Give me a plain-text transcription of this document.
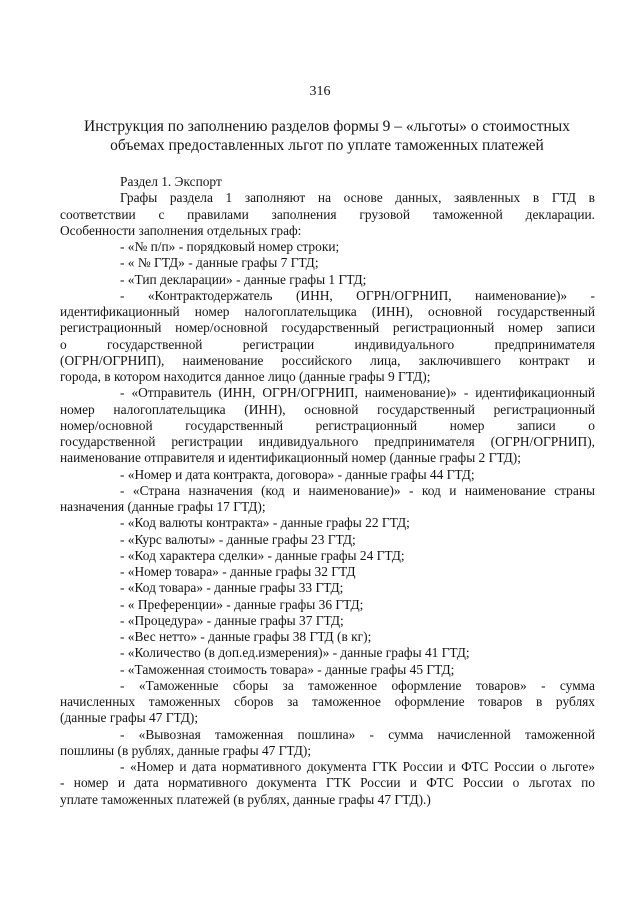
316
Инструкция по заполнению разделов формы 9 – «льготы» о стоимостных
объемах предоставленных льгот по уплате таможенных платежей
Раздел 1. Экспорт
Графы раздела 1 заполняют на основе данных, заявленных в ГТД в
соответствии с правилами заполнения грузовой таможенной декларации.
Особенности заполнения отдельных граф:
- «№ п/п» - порядковый номер строки;
- « № ГТД» - данные графы 7 ГТД;
- «Тип декларации» - данные графы 1 ГТД;
- «Контрактодержатель (ИНН, ОГРН/ОГРНИП, наименование)» -
идентификационный номер налогоплательщика (ИНН), основной государственный
регистрационный номер/основной государственный регистрационный номер записи
о государственной регистрации индивидуального предпринимателя
(ОГРН/ОГРНИП), наименование российского лица, заключившего контракт и
города, в котором находится данное лицо (данные графы 9 ГТД);
- «Отправитель (ИНН, ОГРН/ОГРНИП, наименование)» - идентификационный
номер налогоплательщика (ИНН), основной государственный регистрационный
номер/основной государственный регистрационный номер записи о
государственной регистрации индивидуального предпринимателя (ОГРН/ОГРНИП),
наименование отправителя и идентификационный номер (данные графы 2 ГТД);
- «Номер и дата контракта, договора» - данные графы 44 ГТД;
- «Страна назначения (код и наименование)» - код и наименование страны
назначения (данные графы 17 ГТД);
- «Код валюты контракта» - данные графы 22 ГТД;
- «Курс валюты» - данные графы 23 ГТД;
- «Код характера сделки» - данные графы 24 ГТД;
- «Номер товара» - данные графы 32 ГТД
- «Код товара» - данные графы 33 ГТД;
- « Преференции» - данные графы 36 ГТД;
- «Процедура» - данные графы 37 ГТД;
- «Вес нетто» - данные графы 38 ГТД (в кг);
- «Количество (в доп.ед.измерения)» - данные графы 41 ГТД;
- «Таможенная стоимость товара» - данные графы 45 ГТД;
- «Таможенные сборы за таможенное оформление товаров» - сумма
начисленных таможенных сборов за таможенное оформление товаров в рублях
(данные графы 47 ГТД);
- «Вывозная таможенная пошлина» - сумма начисленной таможенной
пошлины (в рублях, данные графы 47 ГТД);
- «Номер и дата нормативного документа ГТК России и ФТС России о льготе»
- номер и дата нормативного документа ГТК России и ФТС России о льготах по
уплате таможенных платежей (в рублях, данные графы 47 ГТД).)
